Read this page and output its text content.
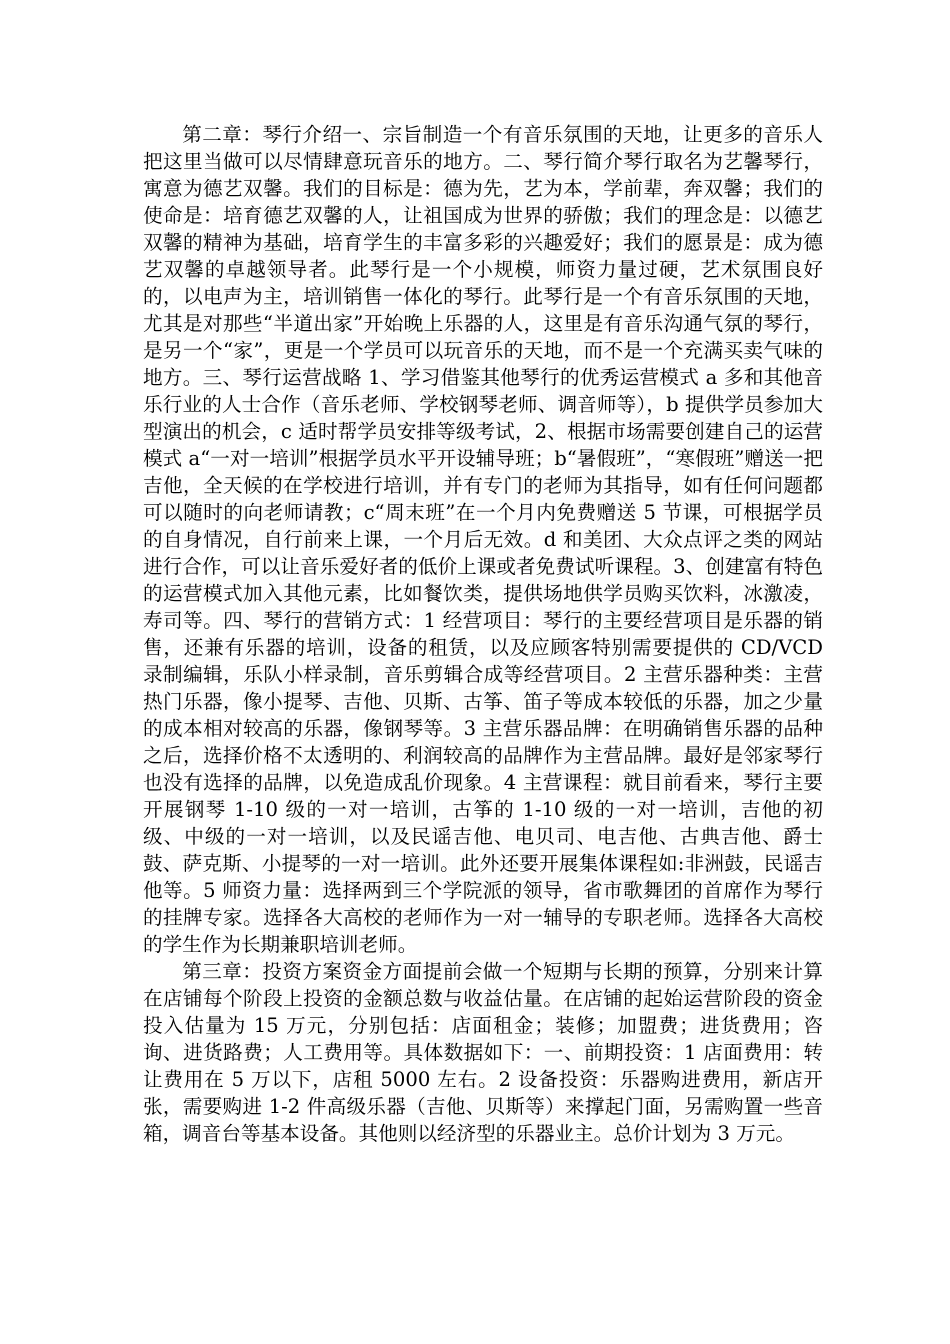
第二章：琴行介绍一、宗旨制造一个有音乐氛围的天地，让更多的音乐人把这里当做可以尽情肆意玩音乐的地方。二、琴行简介琴行取名为艺馨琴行，寓意为德艺双馨。我们的目标是：德为先，艺为本，学前辈，奔双馨；我们的使命是：培育德艺双馨的人，让祖国成为世界的骄傲；我们的理念是：以德艺双馨的精神为基础，培育学生的丰富多彩的兴趣爱好；我们的愿景是：成为德艺双馨的卓越领导者。此琴行是一个小规模，师资力量过硬，艺术氛围良好的，以电声为主，培训销售一体化的琴行。此琴行是一个有音乐氛围的天地，尤其是对那些“半道出家”开始晚上乐器的人，这里是有音乐沟通气氛的琴行，是另一个“家”，更是一个学员可以玩音乐的天地，而不是一个充满买卖气味的地方。三、琴行运营战略 1、学习借鉴其他琴行的优秀运营模式 a 多和其他音乐行业的人士合作（音乐老师、学校钢琴老师、调音师等），b 提供学员参加大型演出的机会，c 适时帮学员安排等级考试，2、根据市场需要创建自己的运营模式 a“一对一培训”根据学员水平开设辅导班；b“暑假班”，“寒假班”赠送一把吉他，全天候的在学校进行培训，并有专门的老师为其指导，如有任何问题都可以随时的向老师请教；c“周末班”在一个月内免费赠送 5 节课，可根据学员的自身情况，自行前来上课，一个月后无效。d 和美团、大众点评之类的网站进行合作，可以让音乐爱好者的低价上课或者免费试听课程。3、创建富有特色的运营模式加入其他元素，比如餐饮类，提供场地供学员购买饮料，冰激凌，寿司等。四、琴行的营销方式：1 经营项目：琴行的主要经营项目是乐器的销售，还兼有乐器的培训，设备的租赁，以及应顾客特别需要提供的 CD/VCD 录制编辑，乐队小样录制，音乐剪辑合成等经营项目。2 主营乐器种类：主营热门乐器，像小提琴、吉他、贝斯、古筝、笛子等成本较低的乐器，加之少量的成本相对较高的乐器，像钢琴等。3 主营乐器品牌：在明确销售乐器的品种之后，选择价格不太透明的、利润较高的品牌作为主营品牌。最好是邻家琴行也没有选择的品牌，以免造成乱价现象。4 主营课程：就目前看来，琴行主要开展钢琴 1-10 级的一对一培训，古筝的 1-10 级的一对一培训，吉他的初级、中级的一对一培训，以及民谣吉他、电贝司、电吉他、古典吉他、爵士鼓、萨克斯、小提琴的一对一培训。此外还要开展集体课程如:非洲鼓，民谣吉他等。5 师资力量：选择两到三个学院派的领导，省市歌舞团的首席作为琴行的挂牌专家。选择各大高校的老师作为一对一辅导的专职老师。选择各大高校的学生作为长期兼职培训老师。

第三章：投资方案资金方面提前会做一个短期与长期的预算，分别来计算在店铺每个阶段上投资的金额总数与收益估量。在店铺的起始运营阶段的资金投入估量为 15 万元，分别包括：店面租金；装修；加盟费；进货费用；咨询、进货路费；人工费用等。具体数据如下：一、前期投资：1 店面费用：转让费用在 5 万以下，店租 5000 左右。2 设备投资：乐器购进费用，新店开张，需要购进 1-2 件高级乐器（吉他、贝斯等）来撑起门面，另需购置一些音箱，调音台等基本设备。其他则以经济型的乐器业主。总价计划为 3 万元。
